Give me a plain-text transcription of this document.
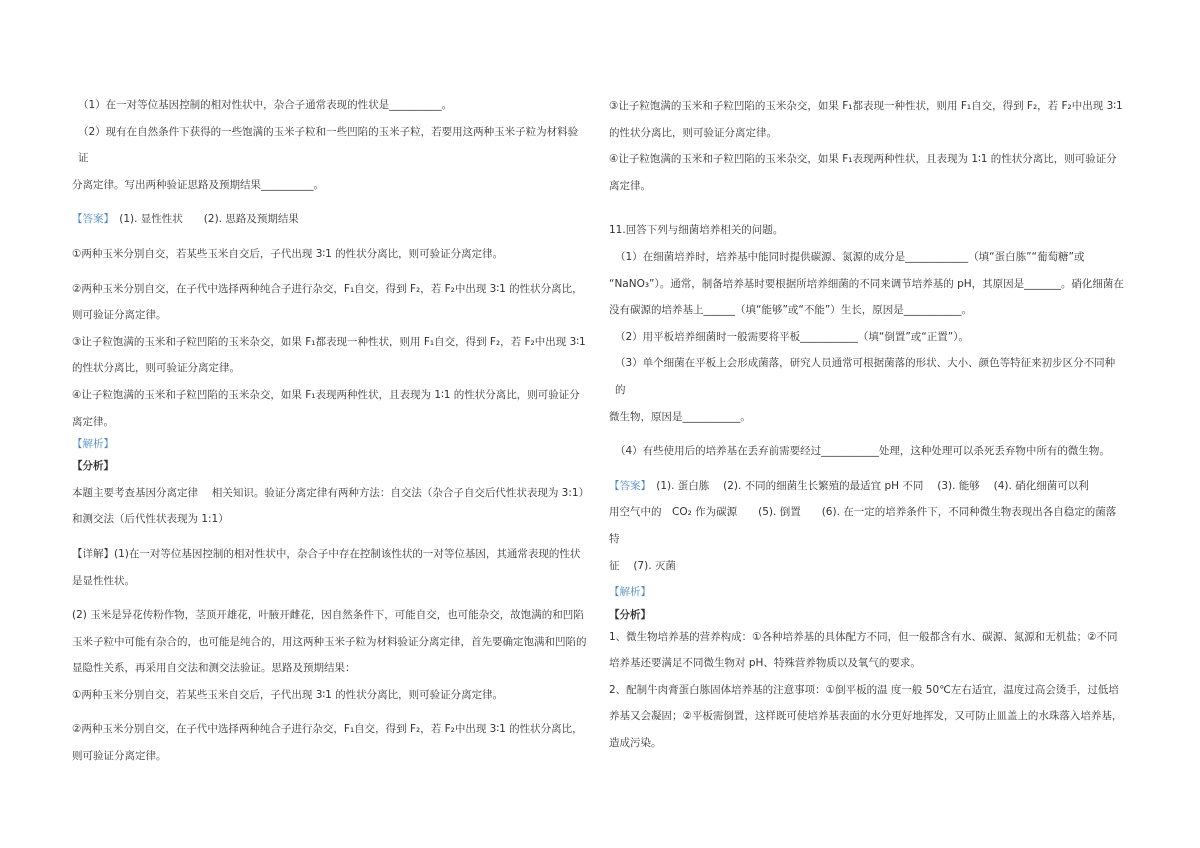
（1）在一对等位基因控制的相对性状中，杂合子通常表现的性状是__________。

（2）现有在自然条件下获得的一些饱满的玉米子粒和一些凹陷的玉米子粒，若要用这两种玉米子粒为材料验证

分离定律。写出两种验证思路及预期结果__________。

【答案】　(1). 显性性状　　(2). 思路及预期结果

①两种玉米分别自交，若某些玉米自交后，子代出现 3∶1 的性状分离比，则可验证分离定律。

②两种玉米分别自交，在子代中选择两种纯合子进行杂交，F₁自交，得到 F₂，若 F₂中出现 3∶1 的性状分离比，

则可验证分离定律。

③让子粒饱满的玉米和子粒凹陷的玉米杂交，如果 F₁都表现一种性状，则用 F₁自交，得到 F₂，若 F₂中出现 3∶1

的性状分离比，则可验证分离定律。

④让子粒饱满的玉米和子粒凹陷的玉米杂交，如果 F₁表现两种性状，且表现为 1∶1 的性状分离比，则可验证分

离定律。

【解析】

【分析】

本题主要考查基因分离定律　 相关知识。验证分离定律有两种方法：自交法（杂合子自交后代性状表现为 3:1）

和测交法（后代性状表现为 1:1）

【详解】(1)在一对等位基因控制的相对性状中，杂合子中存在控制该性状的一对等位基因，其通常表现的性状

是显性性状。

(2) 玉米是异花传粉作物，茎顶开雄花，叶腋开雌花，因自然条件下，可能自交，也可能杂交，故饱满的和凹陷

玉米子粒中可能有杂合的，也可能是纯合的，用这两种玉米子粒为材料验证分离定律，首先要确定饱满和凹陷的

显隐性关系，再采用自交法和测交法验证。思路及预期结果：

①两种玉米分别自交，若某些玉米自交后，子代出现 3∶1 的性状分离比，则可验证分离定律。

②两种玉米分别自交，在子代中选择两种纯合子进行杂交，F₁自交，得到 F₂，若 F₂中出现 3∶1 的性状分离比，

则可验证分离定律。

③让子粒饱满的玉米和子粒凹陷的玉米杂交，如果 F₁都表现一种性状，则用 F₁自交，得到 F₂，若 F₂中出现 3∶1

的性状分离比，则可验证分离定律。

④让子粒饱满的玉米和子粒凹陷的玉米杂交，如果 F₁表现两种性状，且表现为 1∶1 的性状分离比，则可验证分

离定律。

11.回答下列与细菌培养相关的问题。

（1）在细菌培养时，培养基中能同时提供碳源、氮源的成分是____________（填“蛋白胨”“葡萄糖”或

“NaNO₃”）。通常，制备培养基时要根据所培养细菌的不同来调节培养基的 pH，其原因是_______。硝化细菌在

没有碳源的培养基上______（填“能够”或“不能”）生长，原因是___________。

（2）用平板培养细菌时一般需要将平板___________（填“倒置”或“正置”）。

（3）单个细菌在平板上会形成菌落，研究人员通常可根据菌落的形状、大小、颜色等特征来初步区分不同种的

微生物，原因是___________。

（4）有些使用后的培养基在丢弃前需要经过___________处理，这种处理可以杀死丢弃物中所有的微生物。

【答案】　(1). 蛋白胨　 (2). 不同的细菌生长繁殖的最适宜 pH 不同　 (3). 能够　 (4). 硝化细菌可以利

用空气中的　CO₂ 作为碳源　　(5). 倒置　　(6). 在一定的培养条件下，不同种微生物表现出各自稳定的菌落特

征　 (7). 灭菌

【解析】

【分析】

1、微生物培养基的营养构成：①各种培养基的具体配方不同，但一般都含有水、碳源、氮源和无机盐；②不同

培养基还要满足不同微生物对 pH、特殊营养物质以及氧气的要求。

2、配制牛肉膏蛋白胨固体培养基的注意事项：①倒平板的温 度一般 50℃左右适宜，温度过高会烫手，过低培

养基又会凝固；②平板需倒置，这样既可使培养基表面的水分更好地挥发，又可防止皿盖上的水珠落入培养基，

造成污染。
